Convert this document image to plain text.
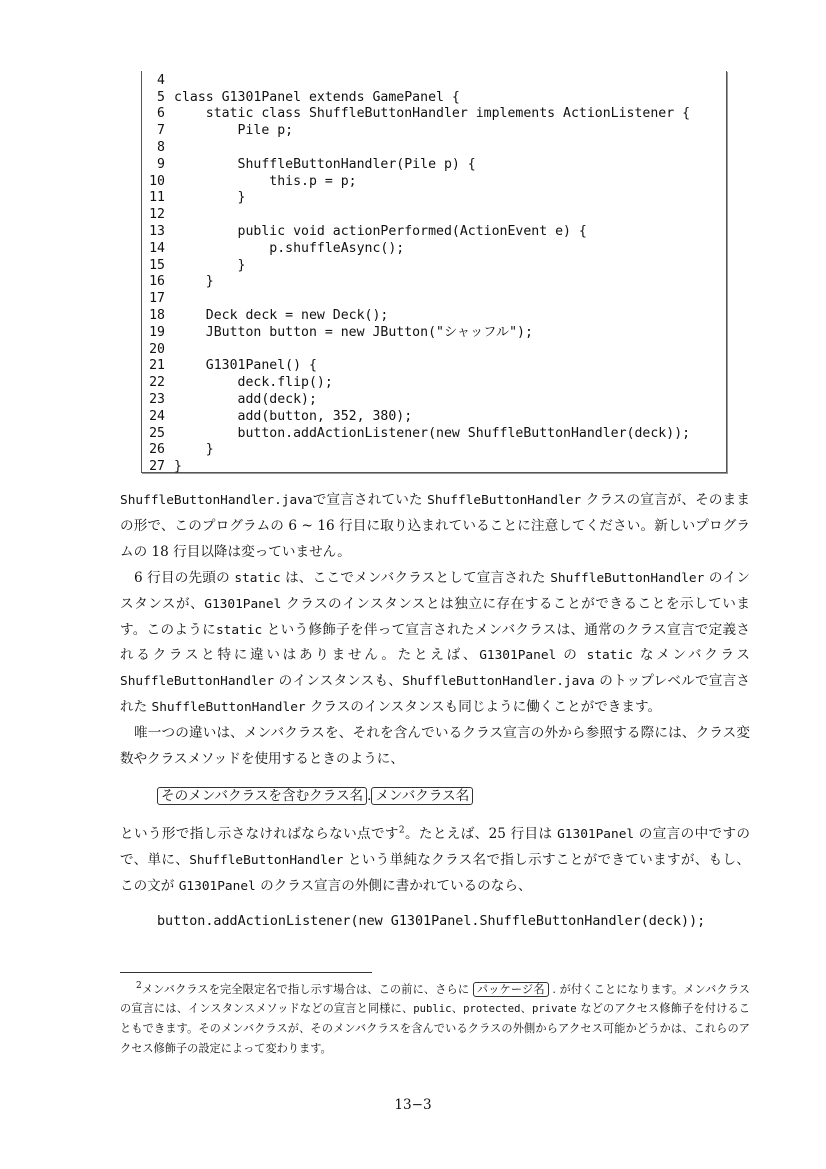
4
5 class G1301Panel extends GamePanel {
6    static class ShuffleButtonHandler implements ActionListener {
7        Pile p;
8
9        ShuffleButtonHandler(Pile p) {
10            this.p = p;
11        }
12
13        public void actionPerformed(ActionEvent e) {
14            p.shuffleAsync();
15        }
16    }
17
18    Deck deck = new Deck();
19    JButton button = new JButton("シャッフル");
20
21    G1301Panel() {
22        deck.flip();
23        add(deck);
24        add(button, 352, 380);
25        button.addActionListener(new ShuffleButtonHandler(deck));
26    }
27 }

ShuffleButtonHandler.javaで宣言されていた ShuffleButtonHandler クラスの宣言が、そのままの形で、このプログラムの 6 ~ 16 行目に取り込まれていることに注意してください。新しいプログラムの 18 行目以降は変っていません。

6 行目の先頭の static は、ここでメンバクラスとして宣言された ShuffleButtonHandler のインスタンスが、G1301Panel クラスのインスタンスとは独立に存在することができることを示しています。このようにstatic という修飾子を伴って宣言されたメンバクラスは、通常のクラス宣言で定義されるクラスと特に違いはありません。たとえば、G1301Panel の static なメンバクラス ShuffleButtonHandler のインスタンスも、ShuffleButtonHandler.java のトップレベルで宣言された ShuffleButtonHandler クラスのインスタンスも同じように働くことができます。

唯一つの違いは、メンバクラスを、それを含んでいるクラス宣言の外から参照する際には、クラス変数やクラスメソッドを使用するときのように、

そのメンバクラスを含むクラス名 . メンバクラス名

という形で指し示さなければならない点です$^2$。たとえば、25 行目は G1301Panel の宣言の中ですので、単に、ShuffleButtonHandler という単純なクラス名で指し示すことができていますが、もし、この文が G1301Panel のクラス宣言の外側に書かれているのなら、

button.addActionListener(new G1301Panel.ShuffleButtonHandler(deck));

$^2$メンバクラスを完全限定名で指し示す場合は、この前に、さらに パッケージ名 . が付くことになります。メンバクラスの宣言には、インスタンスメソッドなどの宣言と同様に、public、protected、private などのアクセス修飾子を付けることもできます。そのメンバクラスが、そのメンバクラスを含んでいるクラスの外側からアクセス可能かどうかは、これらのアクセス修飾子の設定によって変わります。

13−3
